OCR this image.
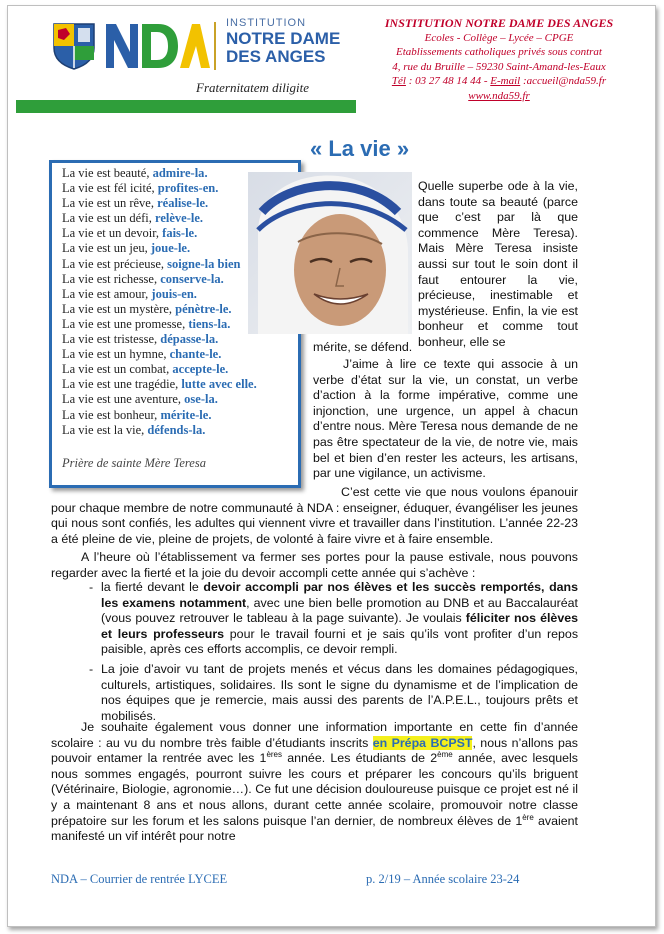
INSTITUTION
NOTRE DAME
DES ANGES
Fraternitatem diligite
INSTITUTION NOTRE DAME DES ANGES
Ecoles - Collège – Lycée – CPGE
Etablissements catholiques privés sous contrat
4, rue du Bruille – 59230 Saint-Amand-les-Eaux
Tél : 03 27 48 14 44 - E-mail :accueil@nda59.fr
www.nda59.fr
« La vie »
La vie est beauté, admire-la.
La vie est fél icité, profites-en.
La vie est un rêve, réalise-le.
La vie est un défi, relève-le.
La vie et un devoir, fais-le.
La vie est un jeu, joue-le.
La vie est précieuse, soigne-la bien
La vie est richesse, conserve-la.
La vie est amour, jouis-en.
La vie est un mystère, pénètre-le.
La vie est une promesse, tiens-la.
La vie est tristesse, dépasse-la.
La vie est un hymne, chante-le.
La vie est un combat, accepte-le.
La vie est une tragédie, lutte avec elle.
La vie est une aventure, ose-la.
La vie est bonheur, mérite-le.
La vie est la vie, défends-la.
Prière de sainte Mère Teresa
Quelle superbe ode à la vie, dans toute sa beauté (parce que c’est par là que commence Mère Teresa). Mais Mère Teresa insiste aussi sur tout le soin dont il faut entourer la vie, précieuse, inestimable et mystérieuse. Enfin, la vie est bonheur et comme tout bonheur, elle se
mérite, se défend.
J’aime à lire ce texte qui associe à un verbe d’état sur la vie, un constat, un verbe d’action à la forme impérative, comme une injonction, une urgence, un appel à chacun d’entre nous. Mère Teresa nous demande de ne pas être spectateur de la vie, de notre vie, mais bel et bien d’en rester les acteurs, les artisans, par une vigilance, un activisme.
C’est cette vie que nous voulons épanouir pour chaque membre de notre communauté à NDA : enseigner, éduquer, évangéliser les jeunes qui nous sont confiés, les adultes qui viennent vivre et travailler dans l’institution. L’année 22-23 a été pleine de vie, pleine de projets, de volonté à faire vivre et à faire ensemble.
A l’heure où l’établissement va fermer ses portes pour la pause estivale, nous pouvons regarder avec la fierté et la joie du devoir accompli cette année qui s’achève :
- la fierté devant le devoir accompli par nos élèves et les succès remportés, dans les examens notamment, avec une bien belle promotion au DNB et au Baccalauréat (vous pouvez retrouver le tableau à la page suivante). Je voulais féliciter nos élèves et leurs professeurs pour le travail fourni et je sais qu’ils vont profiter d’un repos paisible, après ces efforts accomplis, ce devoir rempli.
- La joie d’avoir vu tant de projets menés et vécus dans les domaines pédagogiques, culturels, artistiques, solidaires. Ils sont le signe du dynamisme et de l’implication de nos équipes que je remercie, mais aussi des parents de l’A.P.E.L., toujours prêts et mobilisés.
Je souhaite également vous donner une information importante en cette fin d’année scolaire : au vu du nombre très faible d’étudiants inscrits en Prépa BCPST, nous n’allons pas pouvoir entamer la rentrée avec les 1ères année. Les étudiants de 2ème année, avec lesquels nous sommes engagés, pourront suivre les cours et préparer les concours qu’ils briguent (Vétérinaire, Biologie, agronomie…). Ce fut une décision douloureuse puisque ce projet est né il y a maintenant 8 ans et nous allons, durant cette année scolaire, promouvoir notre classe prépatoire sur les forum et les salons puisque l’an dernier, de nombreux élèves de 1ère avaient manifesté un vif intérêt pour notre
NDA – Courrier de rentrée LYCEE	p. 2/19 – Année scolaire 23-24
